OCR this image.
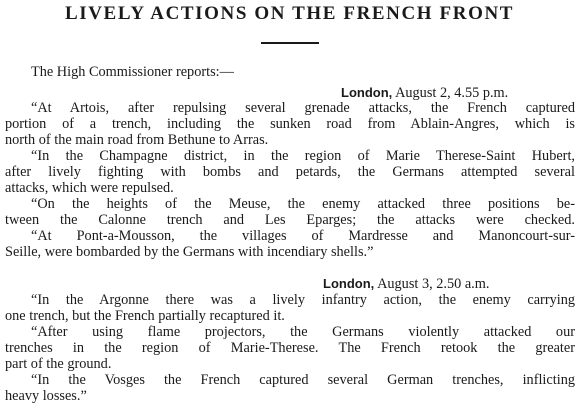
LIVELY ACTIONS ON THE FRENCH FRONT
The High Commissioner reports:—
London, August 2, 4.55 p.m.
“At Artois, after repulsing several grenade attacks, the French captured
portion of a trench, including the sunken road from Ablain-Angres, which is
north of the main road from Bethune to Arras.
“In the Champagne district, in the region of Marie Therese-Saint Hubert,
after lively fighting with bombs and petards, the Germans attempted several
attacks, which were repulsed.
“On the heights of the Meuse, the enemy attacked three positions be-
tween the Calonne trench and Les Eparges; the attacks were checked.
“At Pont-a-Mousson, the villages of Mardresse and Manoncourt-sur-
Seille, were bombarded by the Germans with incendiary shells.”
London, August 3, 2.50 a.m.
“In the Argonne there was a lively infantry action, the enemy carrying
one trench, but the French partially recaptured it.
“After using flame projectors, the Germans violently attacked our
trenches in the region of Marie-Therese. The French retook the greater
part of the ground.
“In the Vosges the French captured several German trenches, inflicting
heavy losses.”
